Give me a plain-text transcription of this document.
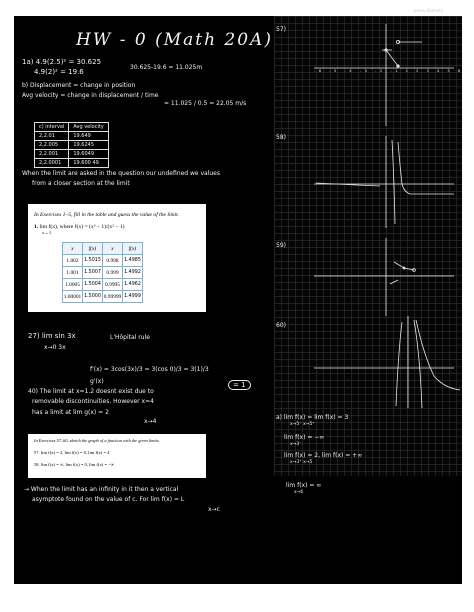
HW - 0 (Math 20A)
1a) 4.9(2.5)² = 30.625
4.9(2)² = 19.6
30.625-19.6 = 11.025m
b) Displacement = change in position
Avg velocity = change in displacement / time
= 11.025 / 0.5 = 22.05 m/s
c) interval	Avg velocity
2,2.01	19.649
2,2.005	19.6245
2,2.001	19.6049
2,2.0001	19.600 49
When the limit are asked in the question our undefined we values
from a closer section at the limit
In Exercises 1–5, fill in the table and guess the value of the limit.
1. lim f(x), where f(x) = (x³ − 1)/(x² − 1)
x→1
x	f(x)	x	f(x)
1.002	1.5015	0.998	1.4985
1.001	1.5007	0.999	1.4992
1.0005	1.5004	0.9995	1.4962
1.00001	1.5000	0.99999	1.4999
27) lim sin 3x
x→0 3x
L'Hôpital rule
f'(x) = 3cos(3x)/3 = 3(cos 0)/3 = 3(1)/3
g'(x)	= 1
40) The limit at x=1.2 doesnt exist due to
removable discontinuities. However x=4
has a limit at lim g(x) = 2
x→4
In Exercises 57–60, sketch the graph of a function with the given limits.
57. lim f(x) = 2, lim f(x) = 0, lim f(x) = 4
58. lim f(x) = ∞, lim f(x) = 0, lim f(x) = −∞
→ When the limit has an infinity in it then a vertical
asymptote found on the value of c. For lim f(x) = L
x→c
Ioana Stamate
57)
58)
59)
60)
-6 -5 -4 -3 -2 -1 1 2 3 4 5 6 7
a) lim f(x) = lim f(x) = 3
x→5⁻ x→5⁺
lim f(x) = −∞
x→3⁻
lim f(x) = 2, lim f(x) = +∞
x→3⁺ x→5
lim f(x) = ∞
x→6
